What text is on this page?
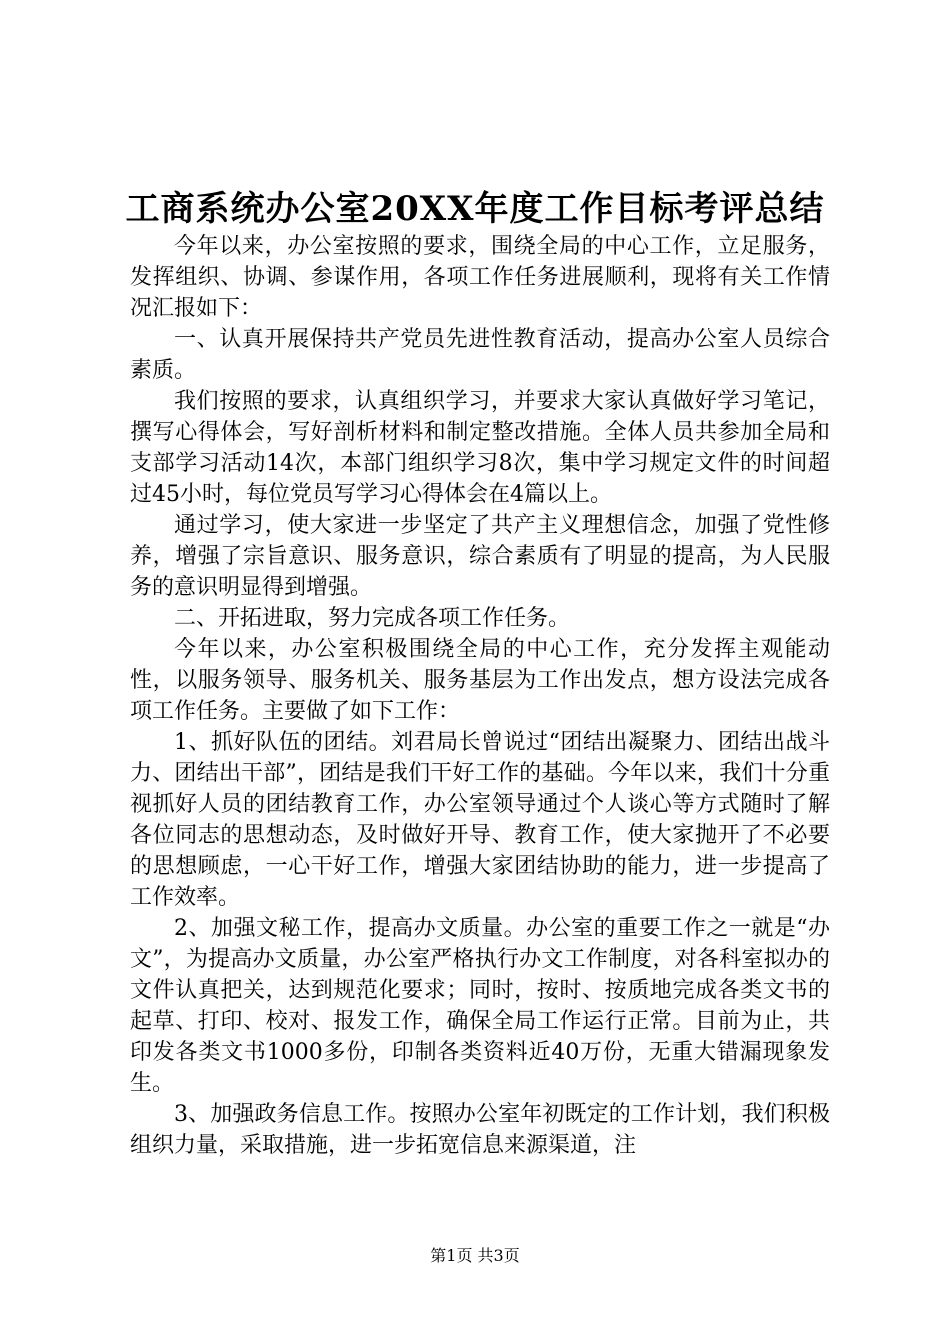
工商系统办公室20XX年度工作目标考评总结

今年以来，办公室按照的要求，围绕全局的中心工作，立足服务，发挥组织、协调、参谋作用，各项工作任务进展顺利，现将有关工作情况汇报如下：

一、认真开展保持共产党员先进性教育活动，提高办公室人员综合素质。

我们按照的要求，认真组织学习，并要求大家认真做好学习笔记，撰写心得体会，写好剖析材料和制定整改措施。全体人员共参加全局和支部学习活动14次，本部门组织学习8次，集中学习规定文件的时间超过45小时，每位党员写学习心得体会在4篇以上。

通过学习，使大家进一步坚定了共产主义理想信念，加强了党性修养，增强了宗旨意识、服务意识，综合素质有了明显的提高，为人民服务的意识明显得到增强。

二、开拓进取，努力完成各项工作任务。

今年以来，办公室积极围绕全局的中心工作，充分发挥主观能动性，以服务领导、服务机关、服务基层为工作出发点，想方设法完成各项工作任务。主要做了如下工作：

1、抓好队伍的团结。刘君局长曾说过“团结出凝聚力、团结出战斗力、团结出干部”，团结是我们干好工作的基础。今年以来，我们十分重视抓好人员的团结教育工作，办公室领导通过个人谈心等方式随时了解各位同志的思想动态，及时做好开导、教育工作，使大家抛开了不必要的思想顾虑，一心干好工作，增强大家团结协助的能力，进一步提高了工作效率。

2、加强文秘工作，提高办文质量。办公室的重要工作之一就是“办文”，为提高办文质量，办公室严格执行办文工作制度，对各科室拟办的文件认真把关，达到规范化要求；同时，按时、按质地完成各类文书的起草、打印、校对、报发工作，确保全局工作运行正常。目前为止，共印发各类文书1000多份，印制各类资料近40万份，无重大错漏现象发生。

3、加强政务信息工作。按照办公室年初既定的工作计划，我们积极组织力量，采取措施，进一步拓宽信息来源渠道，注

第1页 共3页
